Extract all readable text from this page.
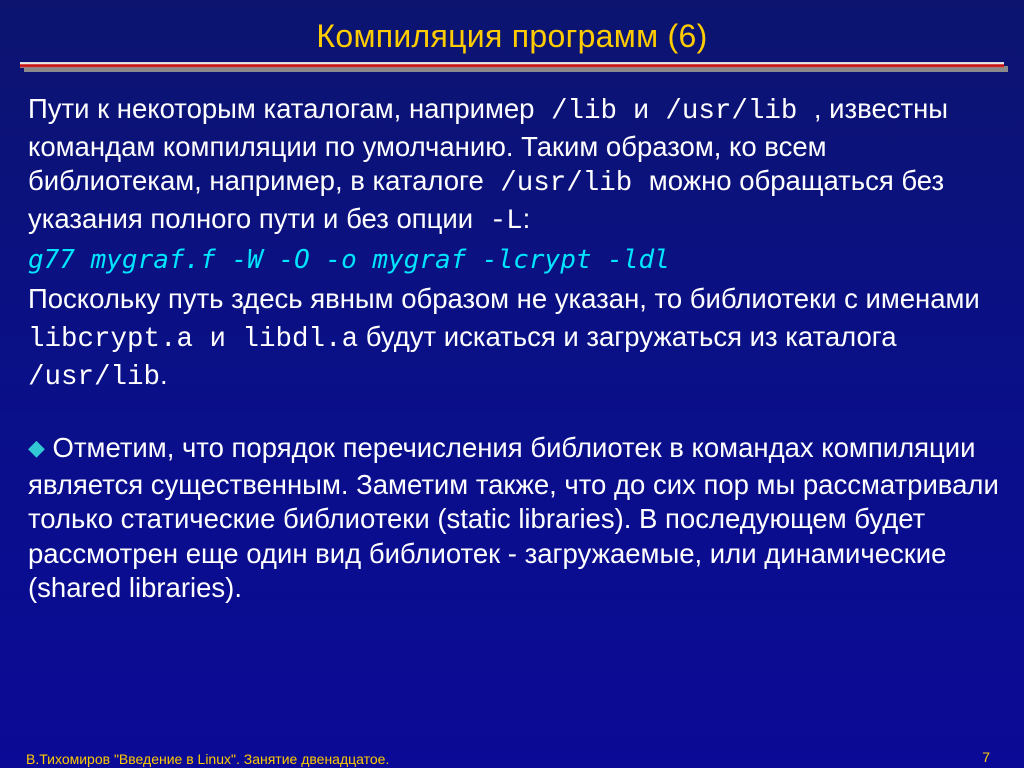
Компиляция программ (6)

Пути к некоторым каталогам, например /lib и /usr/lib , известны командам компиляции по умолчанию. Таким образом, ко всем библиотекам, например, в каталоге /usr/lib можно обращаться без указания полного пути и без опции -L:

g77 mygraf.f -W -O -o mygraf -lcrypt -ldl

Поскольку путь здесь явным образом не указан, то библиотеки с именами

libcrypt.a и libdl.a будут искаться и загружаться из каталога
/usr/lib.

◆ Отметим, что порядок перечисления библиотек в командах компиляции является существенным. Заметим также, что до сих пор мы рассматривали только статические библиотеки (static libraries). В последующем будет рассмотрен еще один вид библиотек - загружаемые, или динамические (shared libraries).

В.Тихомиров "Введение в Linux". Занятие двенадцатое.	7
